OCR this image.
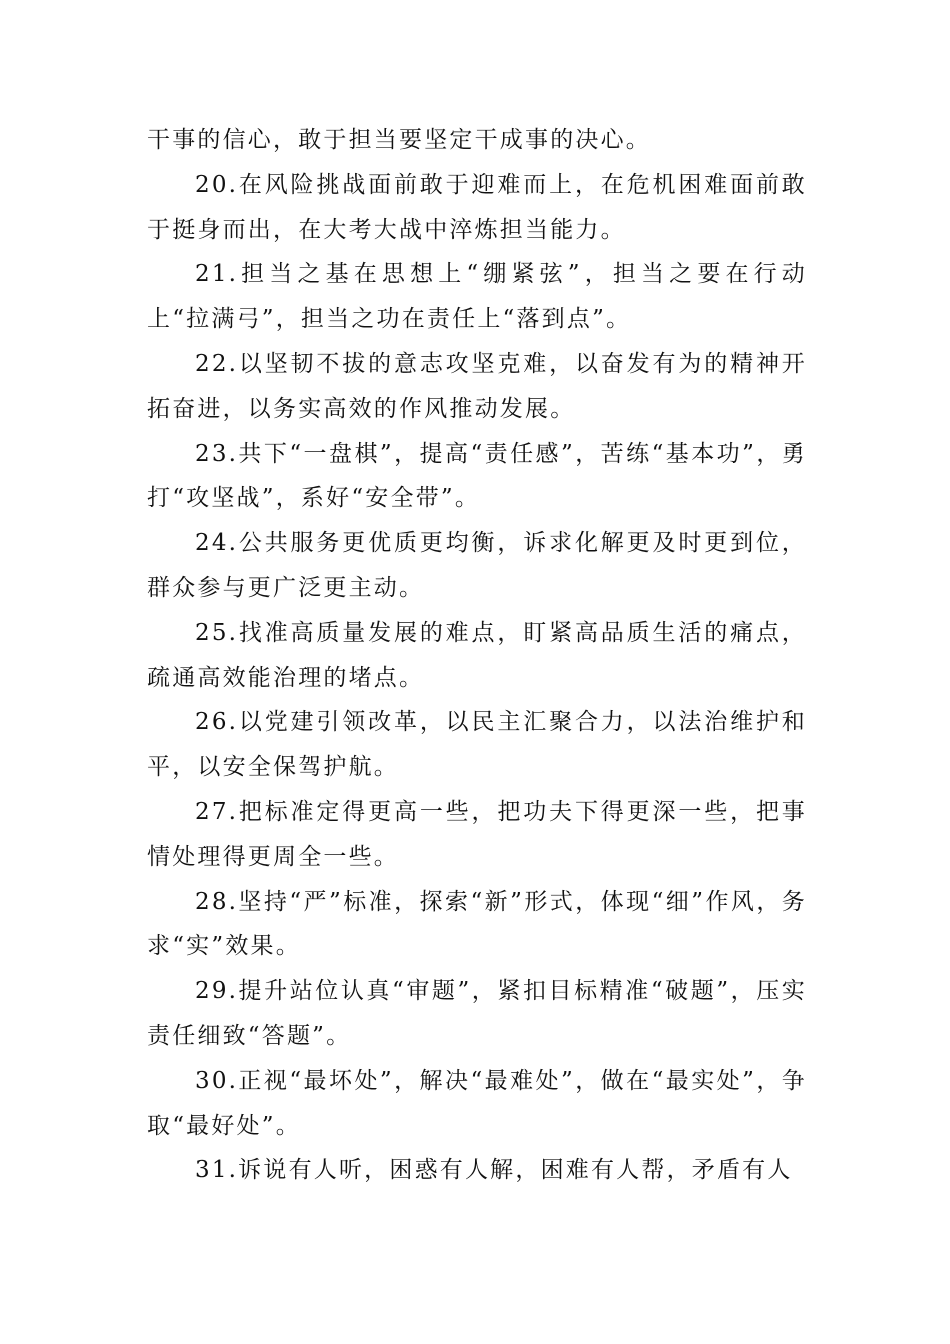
干事的信心，敢于担当要坚定干成事的决心。

20.在风险挑战面前敢于迎难而上，在危机困难面前敢于挺身而出，在大考大战中淬炼担当能力。

21.担当之基在思想上“绷紧弦”，担当之要在行动上“拉满弓”，担当之功在责任上“落到点”。

22.以坚韧不拔的意志攻坚克难，以奋发有为的精神开拓奋进，以务实高效的作风推动发展。

23.共下“一盘棋”，提高“责任感”，苦练“基本功”，勇打“攻坚战”，系好“安全带”。

24.公共服务更优质更均衡，诉求化解更及时更到位，群众参与更广泛更主动。

25.找准高质量发展的难点，盯紧高品质生活的痛点，疏通高效能治理的堵点。

26.以党建引领改革，以民主汇聚合力，以法治维护和平，以安全保驾护航。

27.把标准定得更高一些，把功夫下得更深一些，把事情处理得更周全一些。

28.坚持“严”标准，探索“新”形式，体现“细”作风，务求“实”效果。

29.提升站位认真“审题”，紧扣目标精准“破题”，压实责任细致“答题”。

30.正视“最坏处”，解决“最难处”，做在“最实处”，争取“最好处”。

31.诉说有人听，困惑有人解，困难有人帮，矛盾有人
